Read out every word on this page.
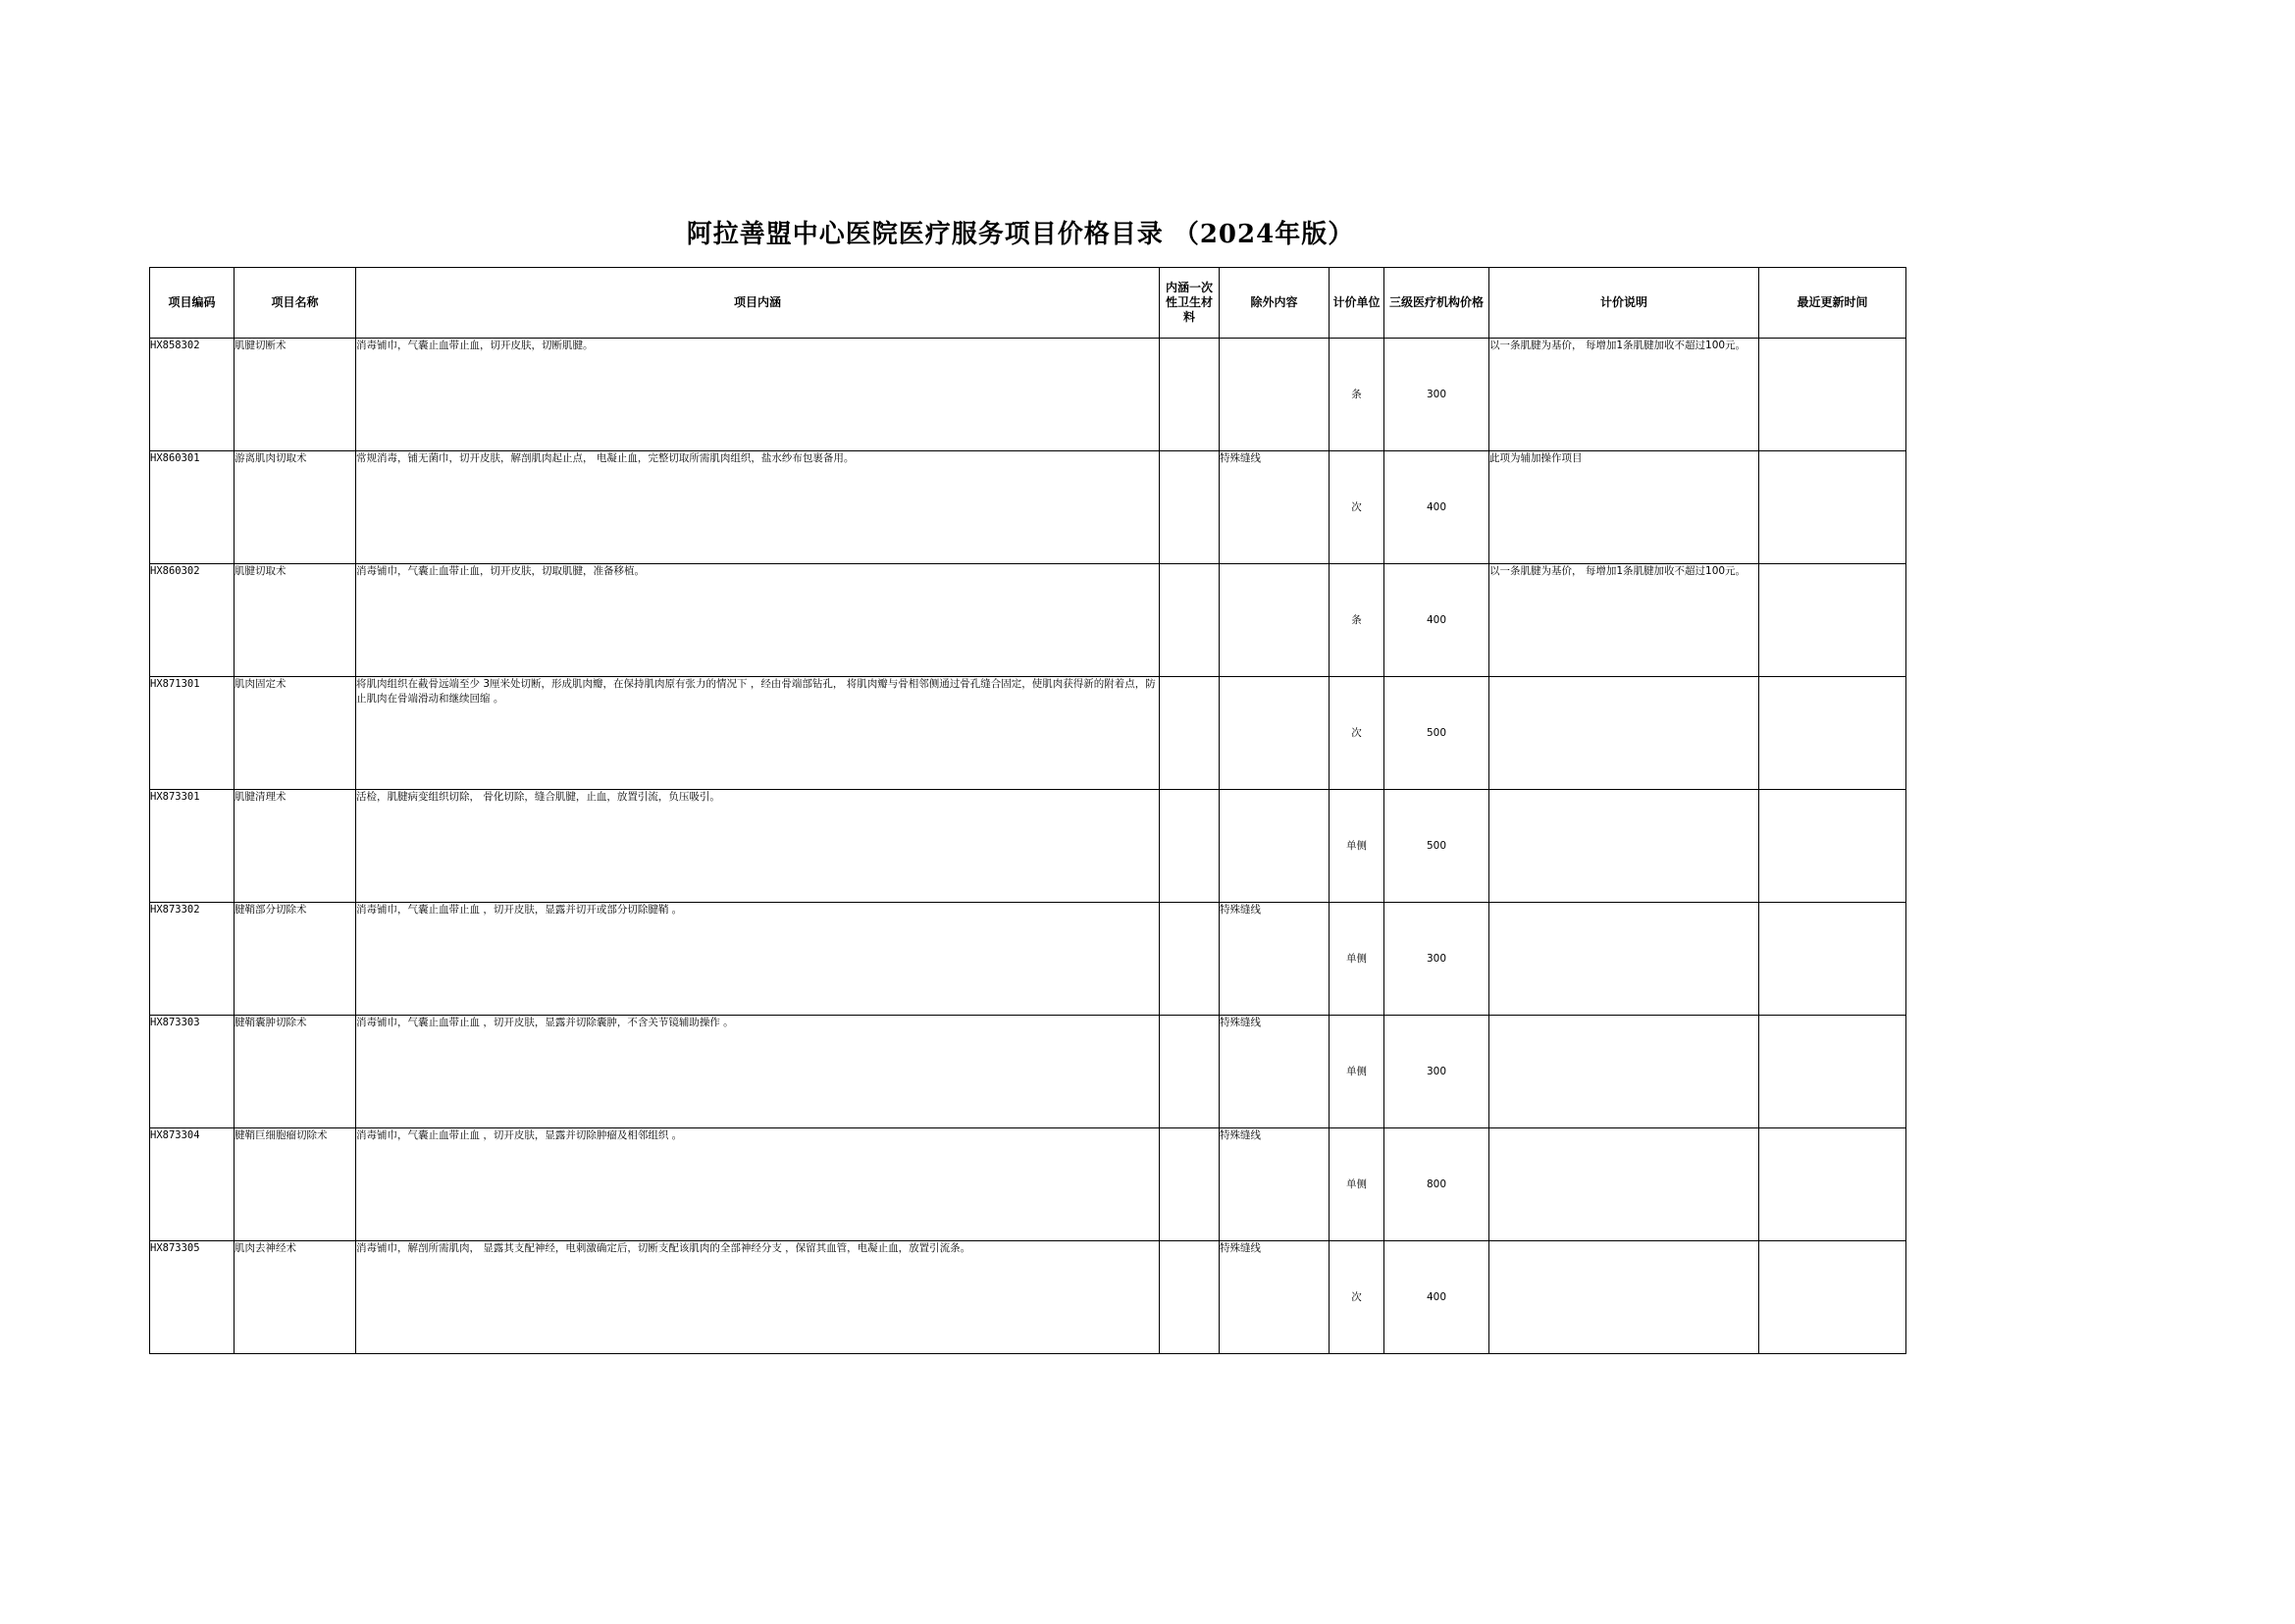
阿拉善盟中心医院医疗服务项目价格目录 （2024年版）
项目编码	项目名称	项目内涵	内涵一次性卫生材料	除外内容	计价单位	三级医疗机构价格	计价说明	最近更新时间
HX858302	肌腱切断术	消毒铺巾，气囊止血带止血，切开皮肤，切断肌腱。			条	300	以一条肌腱为基价， 每增加1条肌腱加收不超过100元。	
HX860301	游离肌肉切取术	常规消毒，铺无菌巾，切开皮肤，解剖肌肉起止点， 电凝止血，完整切取所需肌肉组织，盐水纱布包裹备用。		特殊缝线	次	400	此项为辅加操作项目	
HX860302	肌腱切取术	消毒铺巾，气囊止血带止血，切开皮肤，切取肌腱，准备移植。			条	400	以一条肌腱为基价， 每增加1条肌腱加收不超过100元。	
HX871301	肌肉固定术	将肌肉组织在截骨远端至少 3厘米处切断，形成肌肉瓣，在保持肌肉原有张力的情况下 ，经由骨端部钻孔， 将肌肉瓣与骨相邻侧通过骨孔缝合固定，使肌肉获得新的附着点，防止肌肉在骨端滑动和继续回缩 。			次	500		
HX873301	肌腱清理术	活检，肌腱病变组织切除， 骨化切除，缝合肌腱，止血，放置引流，负压吸引。			单侧	500		
HX873302	腱鞘部分切除术	消毒铺巾，气囊止血带止血 ，切开皮肤，显露并切开或部分切除腱鞘 。		特殊缝线	单侧	300		
HX873303	腱鞘囊肿切除术	消毒铺巾，气囊止血带止血 ，切开皮肤，显露并切除囊肿，不含关节镜辅助操作 。		特殊缝线	单侧	300		
HX873304	腱鞘巨细胞瘤切除术	消毒铺巾，气囊止血带止血 ，切开皮肤，显露并切除肿瘤及相邻组织 。		特殊缝线	单侧	800		
HX873305	肌肉去神经术	消毒铺巾，解剖所需肌肉， 显露其支配神经，电刺激确定后，切断支配该肌肉的全部神经分支 ，保留其血管，电凝止血，放置引流条。		特殊缝线	次	400		
